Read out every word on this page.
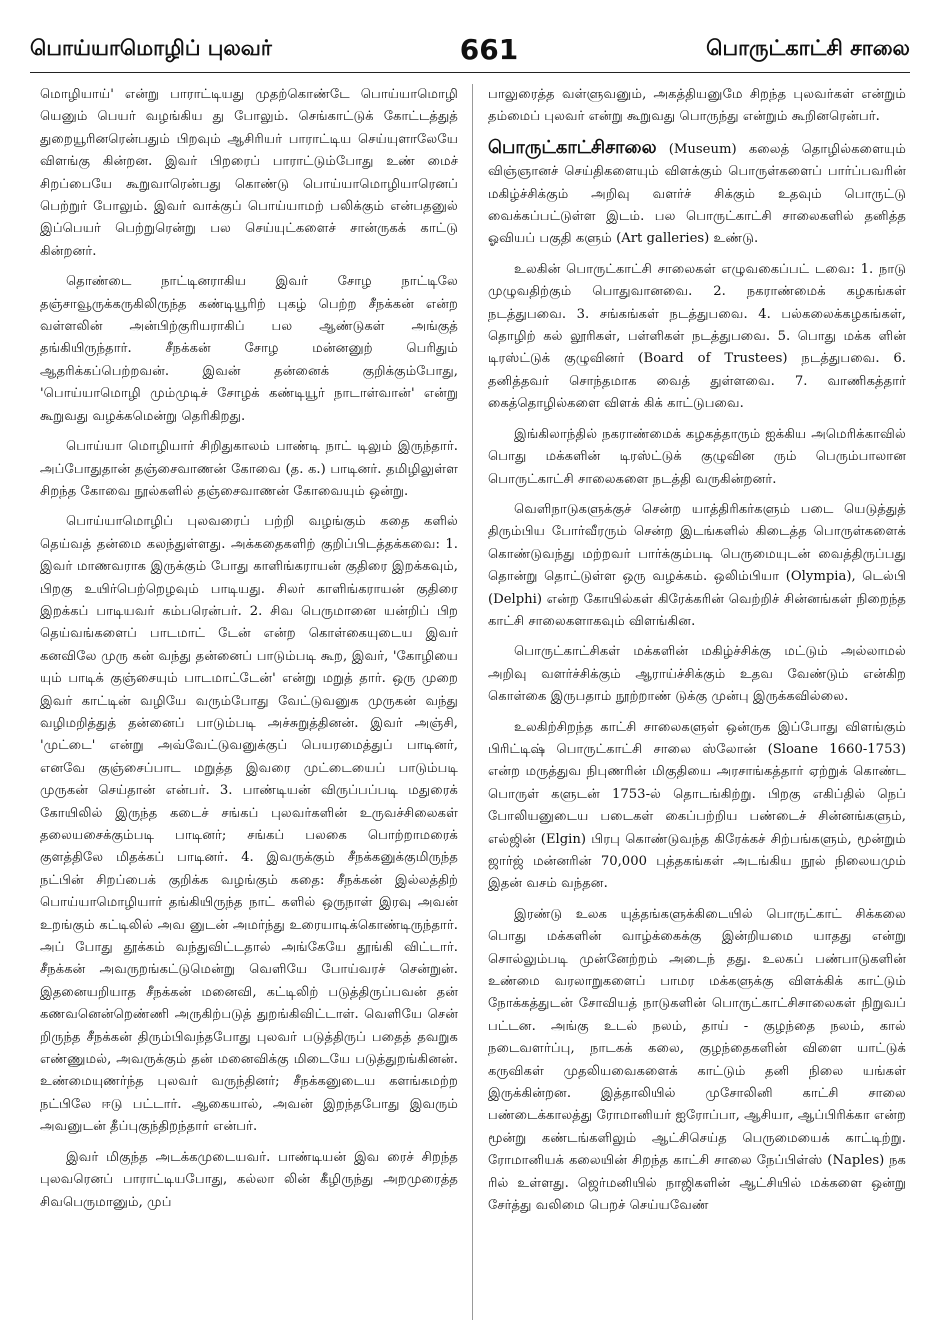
பொய்யாமொழிப் புலவர்	661	பொருட்காட்சி சாலை

மொழியாய்' என்று பாராட்டியது முதற்கொண்டே பொய்யாமொழி யெனும் பெயர் வழங்கிய து போலும். செங்காட்டுக் கோட்டத்துத் துறையூரினரென்பதும் பிறவும் ஆசிரியர் பாராட்டிய செய்யுளாலேயே விளங்கு கின்றன. இவர் பிறரைப் பாராட்டும்போது உண் மைச் சிறப்பையே கூறுவாரென்பது கொண்டு பொய்யாமொழியாரெனப் பெற்றுர் போலும். இவர் வாக்குப் பொய்யாமற் பலிக்கும் என்பதனுல் இப்பெயர் பெற்றுரென்று பல செய்யுட்களைச் சான்ருகக் காட்டு கின்றனர்.

தொண்டை நாட்டினராகிய இவர் சோழ நாட்டிலே தஞ்சாவூருக்கருகிலிருந்த கண்டியூரிற் புகழ் பெற்ற சீநக்கன் என்ற வள்ளலின் அன்பிற்குரியராகிப் பல ஆண்டுகள் அங்குத் தங்கியிருந்தார். சீநக்கன் சோழ மன்னனுற் பெரிதும் ஆதரிக்கப்பெற்றவன். இவன் தன்னைக் குறிக்கும்போது, 'பொய்யாமொழி மும்முடிச் சோழக் கண்டியூர் நாடாள்வான்' என்று கூறுவது வழக்கமென்று தெரிகிறது.

பொய்யா மொழியார் சிறிதுகாலம் பாண்டி நாட் டிலும் இருந்தார். அப்போதுதான் தஞ்சைவாணன் கோவை (த. க.) பாடினர். தமிழிலுள்ள சிறந்த கோவை நூல்களில் தஞ்சைவாணன் கோவையும் ஒன்று.

பொய்யாமொழிப் புலவரைப் பற்றி வழங்கும் கதை களில் தெய்வத் தன்மை கலந்துள்ளது. அக்கதைகளிற் குறிப்பிடத்தக்கவை: 1. இவர் மாணவராக இருக்கும் போது காளிங்கராயன் குதிரை இறக்கவும், பிறகு உயிர்பெற்றெழவும் பாடியது. சிலர் காளிங்கராயன் குதிரை இறக்கப் பாடியவர் கம்பரென்பர். 2. சிவ பெருமானை யன்றிப் பிற தெய்வங்களைப் பாடமாட் டேன் என்ற கொள்கையுடைய இவர் கனவிலே முரு கன் வந்து தன்னைப் பாடும்படி கூற, இவர், 'கோழியை யும் பாடிக் குஞ்சையும் பாடமாட்டேன்' என்று மறுத் தார். ஒரு முறை இவர் காட்டின் வழியே வரும்போது வேட்டுவனுக முருகன் வந்து வழிமறித்துத் தன்னைப் பாடும்படி அச்சுறுத்தினன். இவர் அஞ்சி, 'முட்டை' என்று அவ்வேட்டுவனுக்குப் பெயரமைத்துப் பாடினர், எனவே குஞ்சைப்பாட மறுத்த இவரை முட்டையைப் பாடும்படி முருகன் செய்தான் என்பர். 3. பாண்டியன் விருப்பப்படி மதுரைக் கோயிலில் இருந்த கடைச் சங்கப் புலவர்களின் உருவச்சிலைகள் தலையசைக்கும்படி பாடினர்; சங்கப் பலகை பொற்றாமரைக் குளத்திலே மிதக்கப் பாடினர். 4. இவருக்கும் சீநக்கனுக்குமிருந்த நட்பின் சிறப்பைக் குறிக்க வழங்கும் கதை: சீநக்கன் இல்லத்திற் பொய்யாமொழியார் தங்கியிருந்த நாட் களில் ஒருநாள் இரவு அவன் உறங்கும் கட்டிலில் அவ னுடன் அமர்ந்து உரையாடிக்கொண்டிருந்தார். அப் போது தூக்கம் வந்துவிட்டதால் அங்கேயே தூங்கி விட்டார். சீநக்கன் அவருறங்கட்டுமென்று வெளியே போய்வரச் சென்றுன். இதனையறியாத சீநக்கன் மனைவி, கட்டிலிற் படுத்திருப்பவன் தன் கணவனென்றெண்ணி அருகிற்படுத் துறங்கிவிட்டாள். வெளியே சென் றிருந்த சீநக்கன் திரும்பிவந்தபோது புலவர் படுத்திருப் பதைத் தவறுக எண்ணுமல், அவருக்கும் தன் மனைவிக்கு மிடையே படுத்துறங்கினன். உண்மையுணர்ந்த புலவர் வருந்தினர்; சீநக்கனுடைய களங்கமற்ற நட்பிலே ஈடு பட்டார். ஆகையால், அவன் இறந்தபோது இவரும் அவனுடன் தீப்புகுந்திறந்தார் என்பர்.

இவர் மிகுந்த அடக்கமுடையவர். பாண்டியன் இவ ரைச் சிறந்த புலவரெனப் பாராட்டியபோது, கல்லா லின் கீழிருந்து அறமுரைத்த சிவபெருமானும், முப்

பாலுரைத்த வள்ளுவனும், அகத்தியனுமே சிறந்த புலவர்கள் என்றும் தம்மைப் புலவர் என்று கூறுவது பொருந்து என்றும் கூறினரென்பர்.

பொருட்காட்சிசாலை (Museum) கலைத் தொழில்களையும் விஞ்ஞானச் செய்திகளையும் விளக்கும் பொருள்களைப் பார்ப்பவரின் மகிழ்ச்சிக்கும் அறிவு வளர்ச் சிக்கும் உதவும் பொருட்டு வைக்கப்பட்டுள்ள இடம். பல பொருட்காட்சி சாலைகளில் தனித்த ஓவியப் பகுதி களும் (Art galleries) உண்டு.

உலகின் பொருட்காட்சி சாலைகள் எழுவகைப்பட் டவை: 1. நாடு முழுவதிற்கும் பொதுவானவை. 2. நகராண்மைக் கழகங்கள் நடத்துபவை. 3. சங்கங்கள் நடத்துபவை. 4. பல்கலைக்கழகங்கள், தொழிற் கல் லூரிகள், பள்ளிகள் நடத்துபவை. 5. பொது மக்க ளின் டிரஸ்ட்டுக் குழுவினர் (Board of Trustees) நடத்துபவை. 6. தனித்தவர் சொந்தமாக வைத் துள்ளவை. 7. வாணிகத்தார் கைத்தொழில்களை விளக் கிக் காட்டுபவை.

இங்கிலாந்தில் நகராண்மைக் கழகத்தாரும் ஐக்கிய அமெரிக்காவில் பொது மக்களின் டிரஸ்ட்டுக் குழுவின ரும் பெரும்பாலான பொருட்காட்சி சாலைகளை நடத்தி வருகின்றனர்.

வெளிநாடுகளுக்குச் சென்ற யாத்திரிகர்களும் படை யெடுத்துத் திரும்பிய போர்வீரரும் சென்ற இடங்களில் கிடைத்த பொருள்களைக் கொண்டுவந்து மற்றவர் பார்க்கும்படி பெருமையுடன் வைத்திருப்பது தொன்று தொட்டுள்ள ஒரு வழக்கம். ஒலிம்பியா (Olympia), டெல்பி (Delphi) என்ற கோயில்கள் கிரேக்கரின் வெற்றிச் சின்னங்கள் நிறைந்த காட்சி சாலைகளாகவும் விளங்கின.

பொருட்காட்சிகள் மக்களின் மகிழ்ச்சிக்கு மட்டும் அல்லாமல் அறிவு வளர்ச்சிக்கும் ஆராய்ச்சிக்கும் உதவ வேண்டும் என்கிற கொள்கை இருபதாம் நூற்றாண் டுக்கு முன்பு இருக்கவில்லை.

உலகிற்சிறந்த காட்சி சாலைகளுள் ஒன்ருக இப்போது விளங்கும் பிரிட்டிஷ் பொருட்காட்சி சாலை ஸ்லோன் (Sloane 1660-1753) என்ற மருத்துவ நிபுணரின் மிகுதியை அரசாங்கத்தார் ஏற்றுக் கொண்ட பொருள் களுடன் 1753-ல் தொடங்கிற்று. பிறகு எகிப்தில் நெப் போலியனுடைய படைகள் கைப்பற்றிய பண்டைச் சின்னங்களும், எல்ஜின் (Elgin) பிரபு கொண்டுவந்த கிரேக்கச் சிற்பங்களும், மூன்றும் ஜார்ஜ் மன்னரின் 70,000 புத்தகங்கள் அடங்கிய நூல் நிலையமும் இதன் வசம் வந்தன.

இரண்டு உலக யுத்தங்களுக்கிடையில் பொருட்காட் சிக்கலை பொது மக்களின் வாழ்க்கைக்கு இன்றியமை யாதது என்று சொல்லும்படி முன்னேற்றம் அடைந் தது. உலகப் பண்பாடுகளின் உண்மை வரலாறுகளைப் பாமர மக்களுக்கு விளக்கிக் காட்டும் நோக்கத்துடன் சோவியத் நாடுகளின் பொருட்காட்சிசாலைகள் நிறுவப் பட்டன. அங்கு உடல் நலம், தாய் - குழந்தை நலம், கால் நடைவளர்ப்பு, நாடகக் கலை, குழந்தைகளின் விளை யாட்டுக் கருவிகள் முதலியவைகளைக் காட்டும் தனி நிலை யங்கள் இருக்கின்றன. இத்தாலியில் முசோலினி காட்சி சாலை பண்டைக்காலத்து ரோமானியர் ஐரோப்பா, ஆசியா, ஆப்பிரிக்கா என்ற மூன்று கண்டங்களிலும் ஆட்சிசெய்த பெருமையைக் காட்டிற்று. ரோமானியக் கலையின் சிறந்த காட்சி சாலை நேப்பிள்ஸ் (Naples) நக ரில் உள்ளது. ஜெர்மனியில் நாஜிகளின் ஆட்சியில் மக்களை ஒன்று சேர்த்து வலிமை பெறச் செய்யவேண்
